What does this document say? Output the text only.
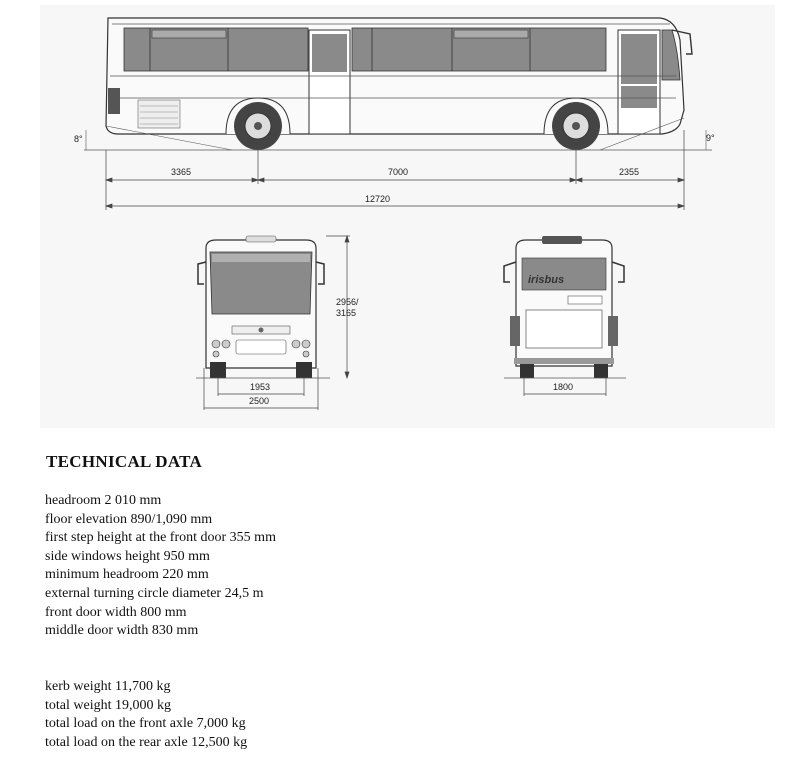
8°	9°
3365	7000	2355
12720
2956/
3165
1953
2500
irisbus
1800
TECHNICAL DATA
headroom 2 010 mm
floor elevation 890/1,090 mm
first step height at the front door 355 mm
side windows height 950 mm
minimum headroom 220 mm
external turning circle diameter 24,5 m
front door width 800 mm
middle door width 830 mm
kerb weight 11,700 kg
total weight 19,000 kg
total load on the front axle 7,000 kg
total load on the rear axle 12,500 kg
